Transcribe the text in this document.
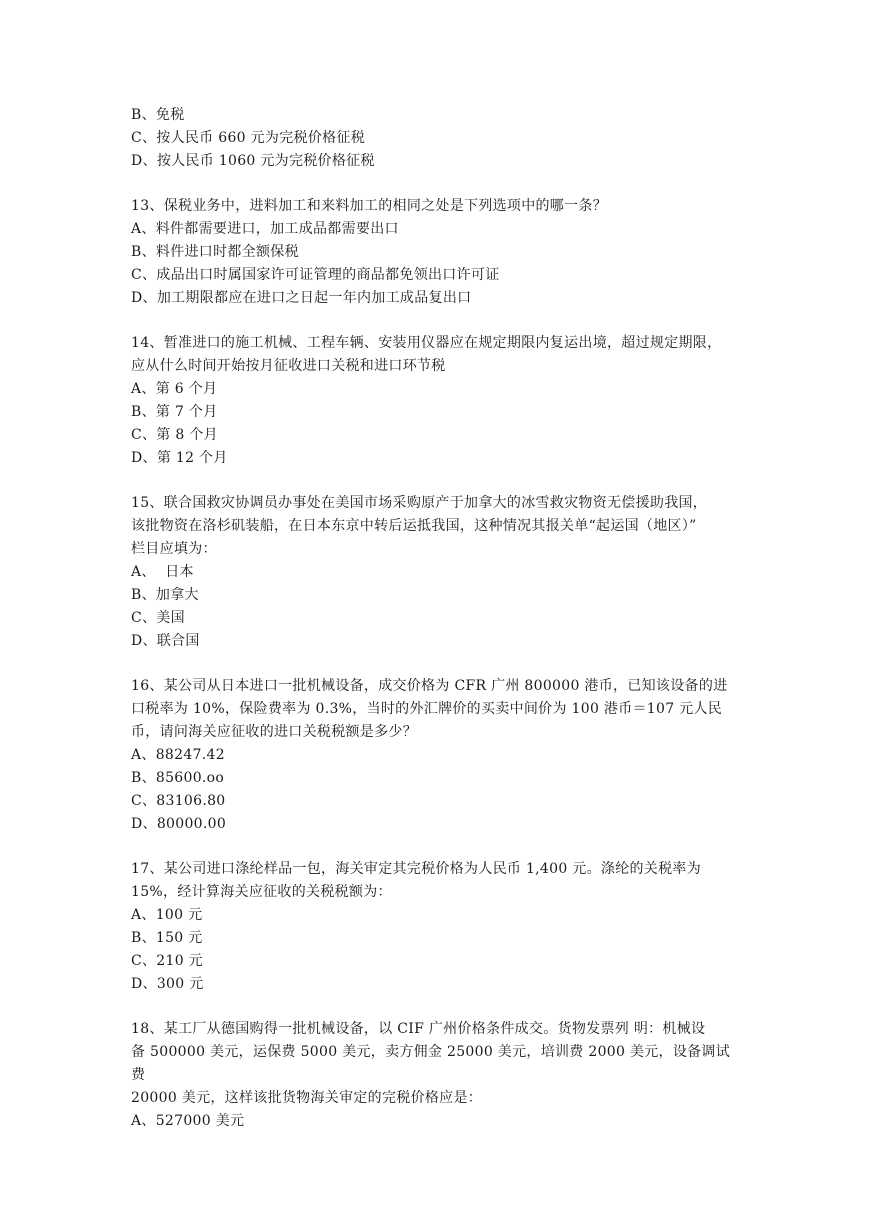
B、免税
C、按人民币 660 元为完税价格征税
D、按人民币 1060 元为完税价格征税
13、保税业务中，进料加工和来料加工的相同之处是下列选项中的哪一条？
A、料件都需要进口，加工成品都需要出口
B、料件进口时都全额保税
C、成品出口时属国家许可证管理的商品都免领出口许可证
D、加工期限都应在进口之日起一年内加工成品复出口
14、暂准进口的施工机械、工程车辆、安装用仪器应在规定期限内复运出境，超过规定期限，
应从什么时间开始按月征收进口关税和进口环节税
A、第 6 个月
B、第 7 个月
C、第 8 个月
D、第 12 个月
15、联合国救灾协调员办事处在美国市场采购原产于加拿大的冰雪救灾物资无偿援助我国，
该批物资在洛杉矶装船，在日本东京中转后运抵我国，这种情况其报关单“起运国（地区）”
栏目应填为：
A、  日本
B、加拿大
C、美国
D、联合国
16、某公司从日本进口一批机械设备，成交价格为 CFR 广州 800000 港币，已知该设备的进
口税率为 10%，保险费率为 0.3%，当时的外汇牌价的买卖中间价为 100 港币＝107 元人民
币，请问海关应征收的进口关税税额是多少？
A、88247.42
B、85600.oo
C、83106.80
D、80000.00
17、某公司进口涤纶样品一包，海关审定其完税价格为人民币 1,400 元。涤纶的关税率为
15%，经计算海关应征收的关税税额为：
A、100 元
B、150 元
C、210 元
D、300 元
18、某工厂从德国购得一批机械设备，以 CIF 广州价格条件成交。货物发票列 明：机械设
备 500000 美元，运保费 5000 美元，卖方佣金 25000 美元，培训费 2000 美元，设备调试费
20000 美元，这样该批货物海关审定的完税价格应是：
A、527000 美元
